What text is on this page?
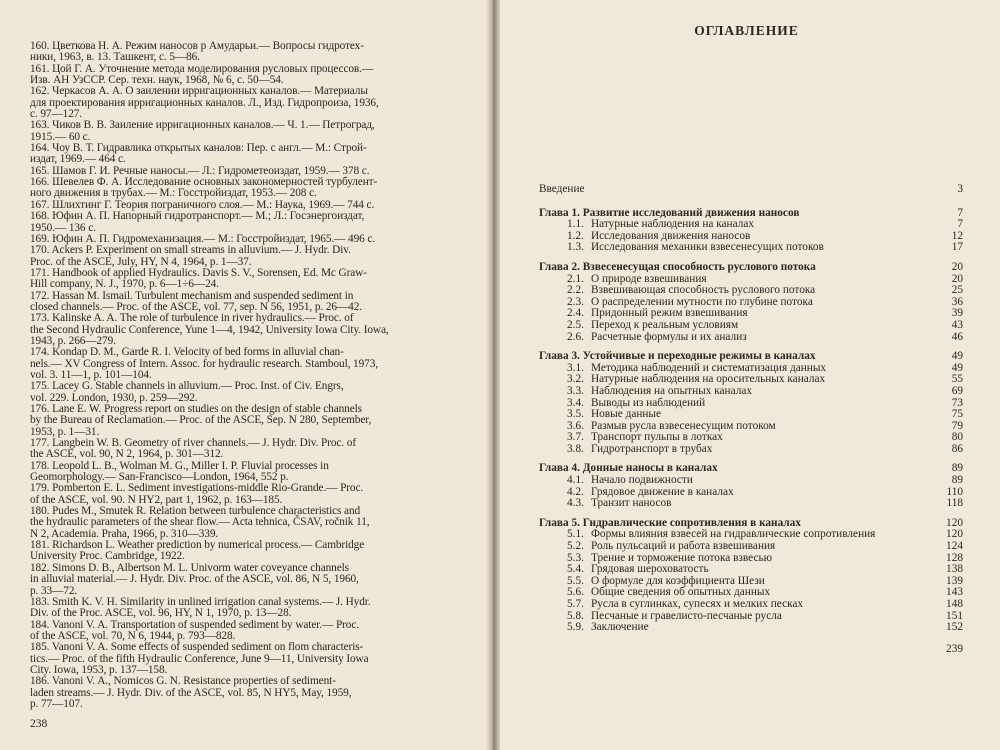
160. Цветкова Н. А. Режим наносов р Амударьи.— Вопросы гидротех-
ники, 1963, в. 13. Ташкент, с. 5—86.
161. Цой Г. А. Уточнение метода моделирования русловых процессов.—
Изв. АН УзССР. Сер. техн. наук, 1968, № 6, с. 50—54.
162. Черкасов А. А. О заилении ирригационных каналов.— Материалы
для проектирования ирригационных каналов. Л., Изд. Гидропроиза, 1936,
с. 97—127.
163. Чиков В. В. Заиление ирригационных каналов.— Ч. 1.— Петроград,
1915.— 60 с.
164. Чоу В. Т. Гидравлика открытых каналов: Пер. с англ.— М.: Строй-
издат, 1969.— 464 с.
165. Шамов Г. И. Речные наносы.— Л.: Гидрометеоиздат, 1959.— 378 с.
166. Шевелев Ф. А. Исследование основных закономерностей турбулент-
ного движения в трубах.— М.: Госстройиздат, 1953.— 208 с.
167. Шлихтинг Г. Теория пограничного слоя.— М.: Наука, 1969.— 744 с.
168. Юфин А. П. Напорный гидротранспорт.— М.; Л.: Госэнергоиздат,
1950.— 136 с.
169. Юфин А. П. Гидромеханизация.— М.: Госстройиздат, 1965.— 496 с.
170. Ackers P. Experiment on small streams in alluvium.— J. Hydr. Div.
Proc. of the ASCE, July, HY, N 4, 1964, p. 1—37.
171. Handbook of applied Hydraulics. Davis S. V., Sorensen, Ed. Mc Graw-
Hill company, N. J., 1970, p. 6—1÷6—24.
172. Hassan M. Ismail. Turbulent mechanism and suspended sediment in
closed channels.— Proc. of the ASCE, vol. 77, sep. N 56, 1951, p. 26—42.
173. Kalinske A. A. The role of turbulence in river hydraulics.— Proc. of
the Second Hydraulic Conference, Yune 1—4, 1942, University Iowa City. Iowa,
1943, p. 266—279.
174. Kondap D. M., Garde R. I. Velocity of bed forms in alluvial chan-
nels.— XV Congress of Intern. Assoc. for hydraulic research. Stamboul, 1973,
vol. 3. 11—1, p. 101—104.
175. Lacey G. Stable channels in alluvium.— Proc. Inst. of Civ. Engrs,
vol. 229. London, 1930, p. 259—292.
176. Lane E. W. Progress report on studies on the design of stable channels
by the Bureau of Reclamation.— Proc. of the ASCE, Sep. N 280, September,
1953, p. 1—31.
177. Langbein W. B. Geometry of river channels.— J. Hydr. Div. Proc. of
the ASCE, vol. 90, N 2, 1964, p. 301—312.
178. Leopold L. B., Wolman M. G., Miller I. P. Fluvial processes in
Geomorphology.— San-Francisco—London, 1964, 552 p.
179. Pomberton E. L. Sediment investigations-middle Rio-Grande.— Proc.
of the ASCE, vol. 90. N HY2, part 1, 1962, p. 163—185.
180. Pudes M., Smutek R. Relation between turbulence characteristics and
the hydraulic parameters of the shear flow.— Acta tehnica, ČSAV, ročnik 11,
N 2, Academia. Praha, 1966, p. 310—339.
181. Richardson L. Weather prediction by numerical process.— Cambridge
University Proc. Cambridge, 1922.
182. Simons D. B., Albertson M. L. Univorm water coveyance channels
in alluvial material.— J. Hydr. Div. Proc. of the ASCE, vol. 86, N 5, 1960,
p. 33—72.
183. Smith K. V. H. Similarity in unlined irrigation canal systems.— J. Hydr.
Div. of the Proc. ASCE, vol. 96, HY, N 1, 1970, p. 13—28.
184. Vanoni V. A. Transportation of suspended sediment by water.— Proc.
of the ASCE, vol. 70, N 6, 1944, p. 793—828.
185. Vanoni V. A. Some effects of suspended sediment on flom characteris-
tics.— Proc. of the fifth Hydraulic Conference, June 9—11, University Iowa
City. Iowa, 1953, p. 137—158.
186. Vanoni V. A., Nomicos G. N. Resistance properties of sediment-
laden streams.— J. Hydr. Div. of the ASCE, vol. 85, N HY5, May, 1959,
p. 77—107.
238
ОГЛАВЛЕНИЕ
Введение	3
Глава 1. Развитие исследований движения наносов	7
1.1. Натурные наблюдения на каналах	7
1.2. Исследования движения наносов	12
1.3. Исследования механики взвесенесущих потоков	17
Глава 2. Взвесенесущая способность руслового потока	20
2.1. О природе взвешивания	20
2.2. Взвешивающая способность руслового потока	25
2.3. О распределении мутности по глубине потока	36
2.4. Придонный режим взвешивания	39
2.5. Переход к реальным условиям	43
2.6. Расчетные формулы и их анализ	46
Глава 3. Устойчивые и переходные режимы в каналах	49
3.1. Методика наблюдений и систематизация данных	49
3.2. Натурные наблюдения на оросительных каналах	55
3.3. Наблюдения на опытных каналах	69
3.4. Выводы из наблюдений	73
3.5. Новые данные	75
3.6. Размыв русла взвесенесущим потоком	79
3.7. Транспорт пульпы в лотках	80
3.8. Гидротранспорт в трубах	86
Глава 4. Донные наносы в каналах	89
4.1. Начало подвижности	89
4.2. Грядовое движение в каналах	110
4.3. Транзит наносов	118
Глава 5. Гидравлические сопротивления в каналах	120
5.1. Формы влияния взвесей на гидравлические сопротивления	120
5.2. Роль пульсаций и работа взвешивания	124
5.3. Трение и торможение потока взвесью	128
5.4. Грядовая шероховатость	138
5.5. О формуле для коэффициента Шези	139
5.6. Общие сведения об опытных данных	143
5.7. Русла в суглинках, супесях и мелких песках	148
5.8. Песчаные и гравелисто-песчаные русла	151
5.9. Заключение	152
239
